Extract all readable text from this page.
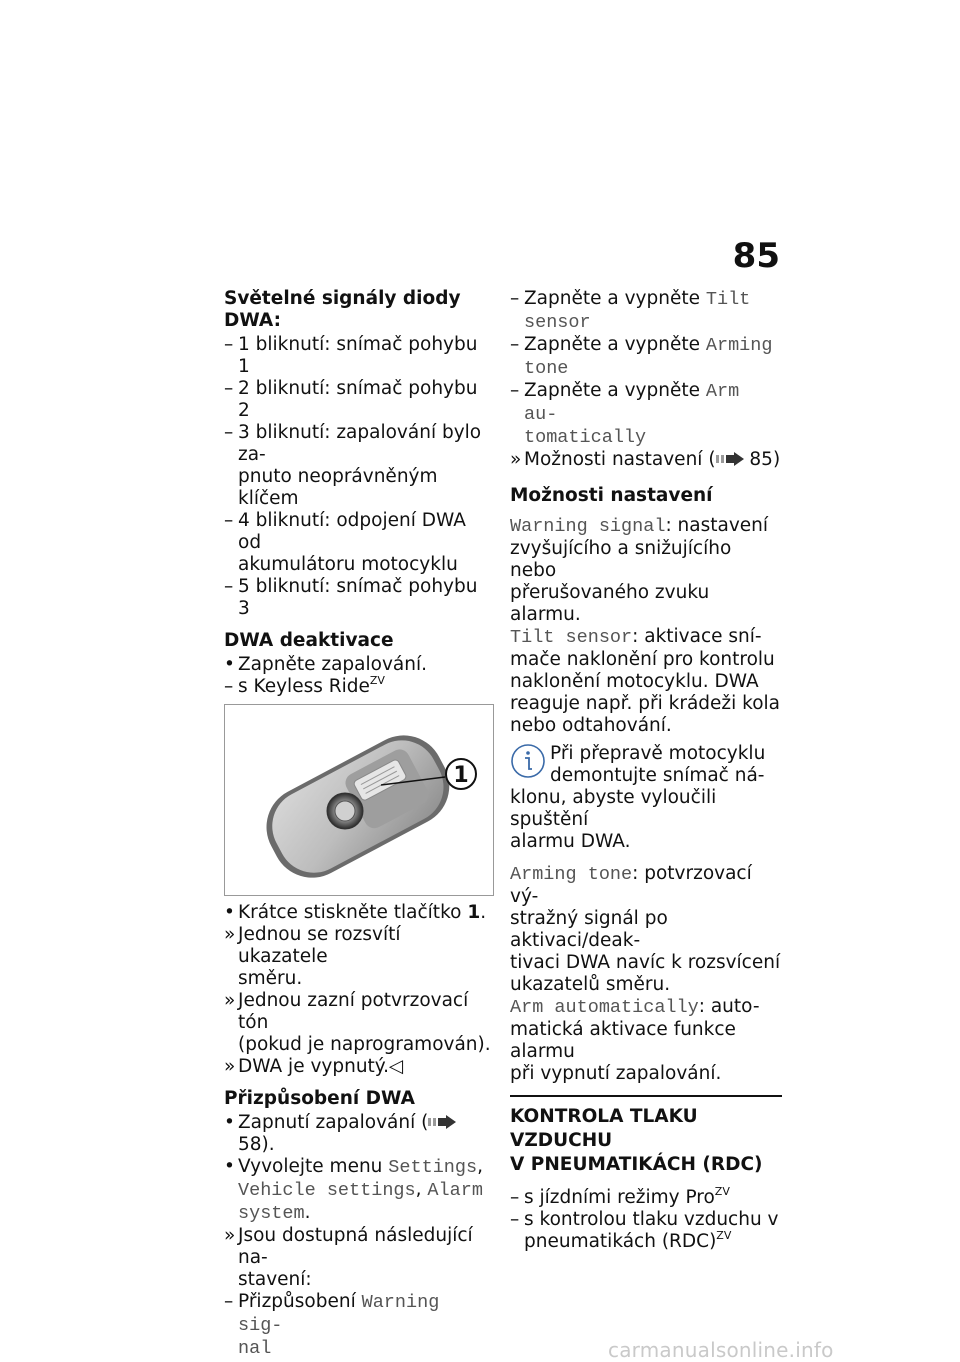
85
Světelné signály diody DWA:
– 1 bliknutí: snímač pohybu 1
– 2 bliknutí: snímač pohybu 2
– 3 bliknutí: zapalování bylo za-
pnuto neoprávněným klíčem
– 4 bliknutí: odpojení DWA od
akumulátoru motocyklu
– 5 bliknutí: snímač pohybu 3
DWA deaktivace
• Zapněte zapalování.
– s Keyless Ride$^{ZV}$
1
• Krátce stiskněte tlačítko 1.
» Jednou se rozsvítí ukazatele
směru.
» Jednou zazní potvrzovací tón
(pokud je naprogramován).
» DWA je vypnutý.◁
Přizpůsobení DWA
• Zapnutí zapalování ( 58).
• Vyvolejte menu Settings,
Vehicle settings, Alarm
system.
» Jsou dostupná následující na-
stavení:
– Přizpůsobení Warning sig-
nal
– Zapněte a vypněte Tilt
sensor
– Zapněte a vypněte Arming
tone
– Zapněte a vypněte Arm au-
tomatically
» Možnosti nastavení ( 85)
Možnosti nastavení

Warning signal: nastavení
zvyšujícího a snižujícího nebo
přerušovaného zvuku alarmu.
Tilt sensor: aktivace sní-
mače naklonění pro kontrolu
naklonění motocyklu. DWA
reaguje např. při krádeži kola
nebo odtahování.

Při přepravě motocyklu
demontujte snímač ná-
klonu, abyste vyloučili spuštění
alarmu DWA.

Arming tone: potvrzovací vý-
stražný signál po aktivaci/deak-
tivaci DWA navíc k rozsvícení
ukazatelů směru.
Arm automatically: auto-
matická aktivace funkce alarmu
při vypnutí zapalování.

KONTROLA TLAKU VZDUCHU
V PNEUMATIKÁCH (RDC)
– s jízdními režimy Pro$^{ZV}$
– s kontrolou tlaku vzduchu v
pneumatikách (RDC)$^{ZV}$
carmanualsonline.info
